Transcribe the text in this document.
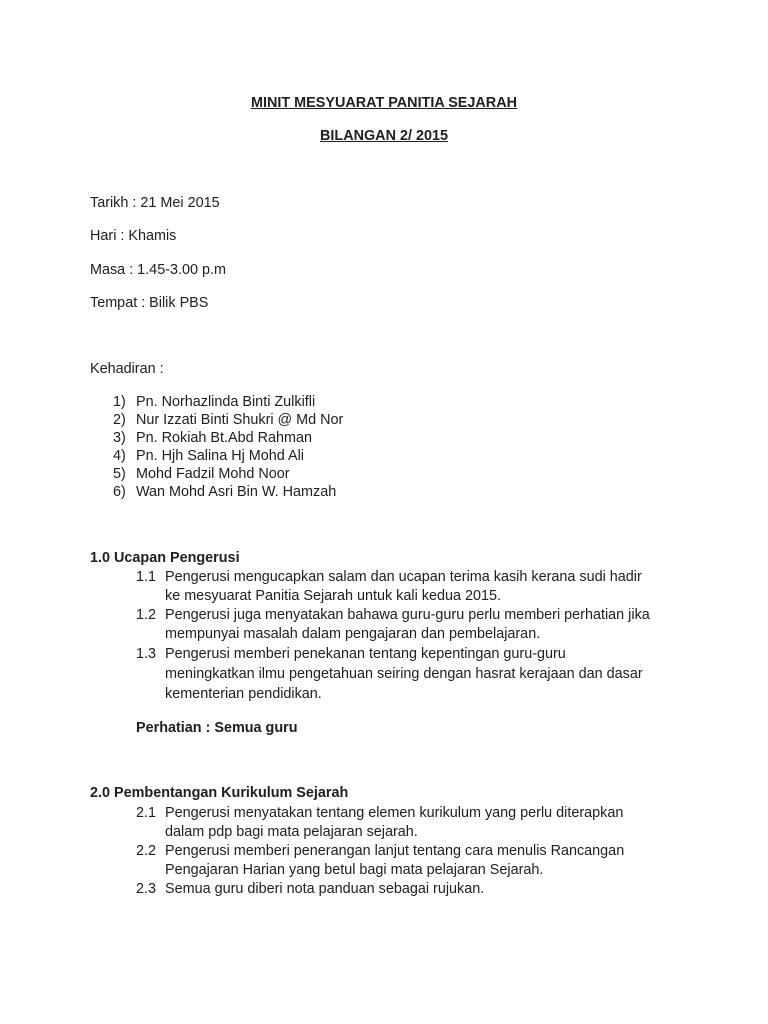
MINIT MESYUARAT PANITIA SEJARAH
BILANGAN 2/ 2015
Tarikh : 21 Mei 2015
Hari : Khamis
Masa : 1.45-3.00 p.m
Tempat : Bilik PBS
Kehadiran :
1) Pn. Norhazlinda Binti Zulkifli
2) Nur Izzati Binti Shukri @ Md Nor
3) Pn. Rokiah Bt.Abd Rahman
4) Pn. Hjh Salina Hj Mohd Ali
5) Mohd Fadzil Mohd Noor
6) Wan Mohd Asri Bin W. Hamzah
1.0 Ucapan Pengerusi
1.1 Pengerusi mengucapkan salam dan ucapan terima kasih kerana sudi hadir
ke mesyuarat Panitia Sejarah untuk kali kedua 2015.
1.2 Pengerusi juga menyatakan bahawa guru-guru perlu memberi perhatian jika
mempunyai masalah dalam pengajaran dan pembelajaran.
1.3 Pengerusi memberi penekanan tentang kepentingan guru-guru
meningkatkan ilmu pengetahuan seiring dengan hasrat kerajaan dan dasar
kementerian pendidikan.
Perhatian : Semua guru
2.0 Pembentangan Kurikulum Sejarah
2.1 Pengerusi menyatakan tentang elemen kurikulum yang perlu diterapkan
dalam pdp bagi mata pelajaran sejarah.
2.2 Pengerusi memberi penerangan lanjut tentang cara menulis Rancangan
Pengajaran Harian yang betul bagi mata pelajaran Sejarah.
2.3 Semua guru diberi nota panduan sebagai rujukan.
